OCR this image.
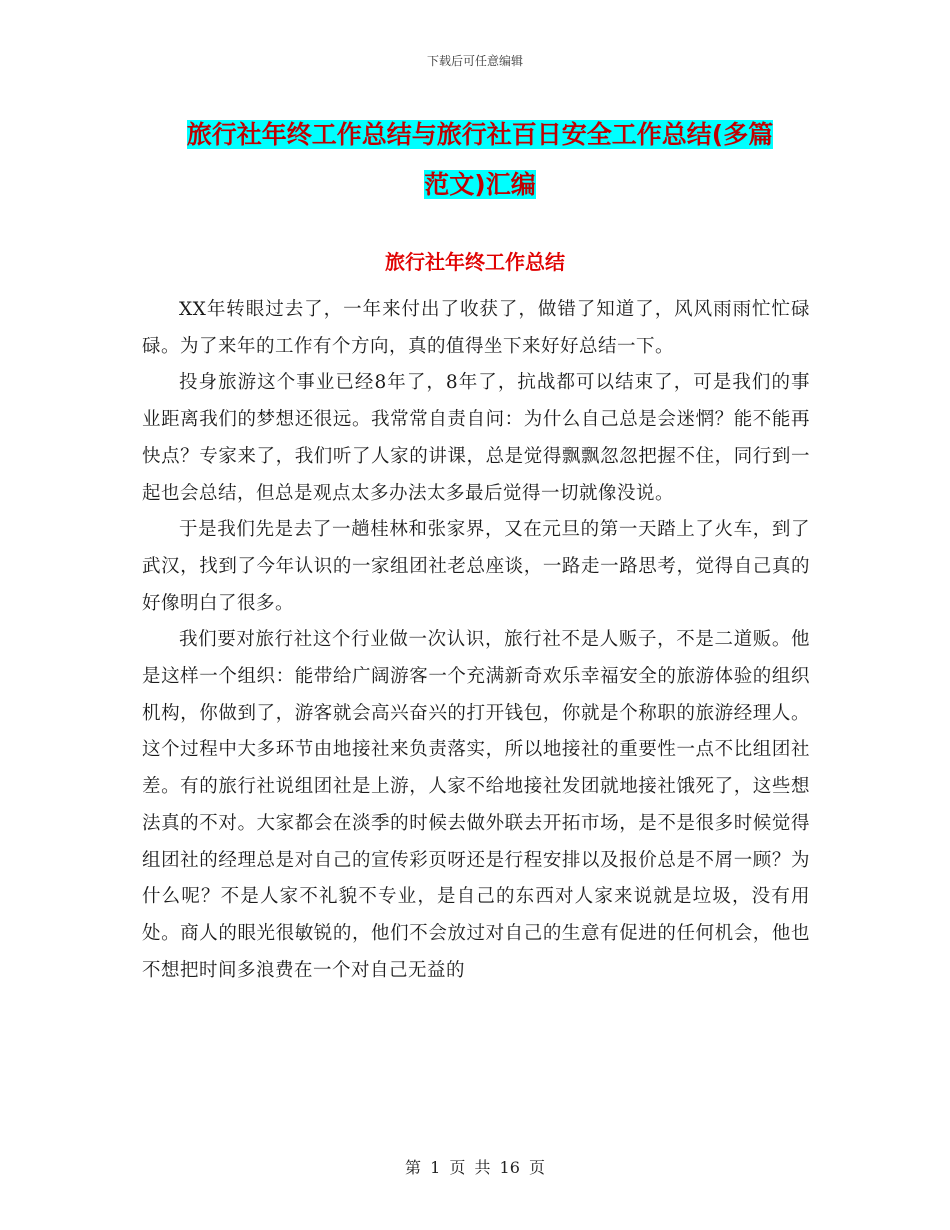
下载后可任意编辑
旅行社年终工作总结与旅行社百日安全工作总结(多篇
范文)汇编
旅行社年终工作总结

XX年转眼过去了，一年来付出了收获了，做错了知道了，风风雨雨忙忙碌碌。为了来年的工作有个方向，真的值得坐下来好好总结一下。

投身旅游这个事业已经8年了，8年了，抗战都可以结束了，可是我们的事业距离我们的梦想还很远。我常常自责自问：为什么自己总是会迷惘？能不能再快点？专家来了，我们听了人家的讲课，总是觉得飘飘忽忽把握不住，同行到一起也会总结，但总是观点太多办法太多最后觉得一切就像没说。

于是我们先是去了一趟桂林和张家界，又在元旦的第一天踏上了火车，到了武汉，找到了今年认识的一家组团社老总座谈，一路走一路思考，觉得自己真的好像明白了很多。

我们要对旅行社这个行业做一次认识，旅行社不是人贩子，不是二道贩。他是这样一个组织：能带给广阔游客一个充满新奇欢乐幸福安全的旅游体验的组织机构，你做到了，游客就会高兴奋兴的打开钱包，你就是个称职的旅游经理人。这个过程中大多环节由地接社来负责落实，所以地接社的重要性一点不比组团社差。有的旅行社说组团社是上游，人家不给地接社发团就地接社饿死了，这些想法真的不对。大家都会在淡季的时候去做外联去开拓市场，是不是很多时候觉得组团社的经理总是对自己的宣传彩页呀还是行程安排以及报价总是不屑一顾？为什么呢？不是人家不礼貌不专业，是自己的东西对人家来说就是垃圾，没有用处。商人的眼光很敏锐的，他们不会放过对自己的生意有促进的任何机会，他也不想把时间多浪费在一个对自己无益的

第 1 页 共 16 页
